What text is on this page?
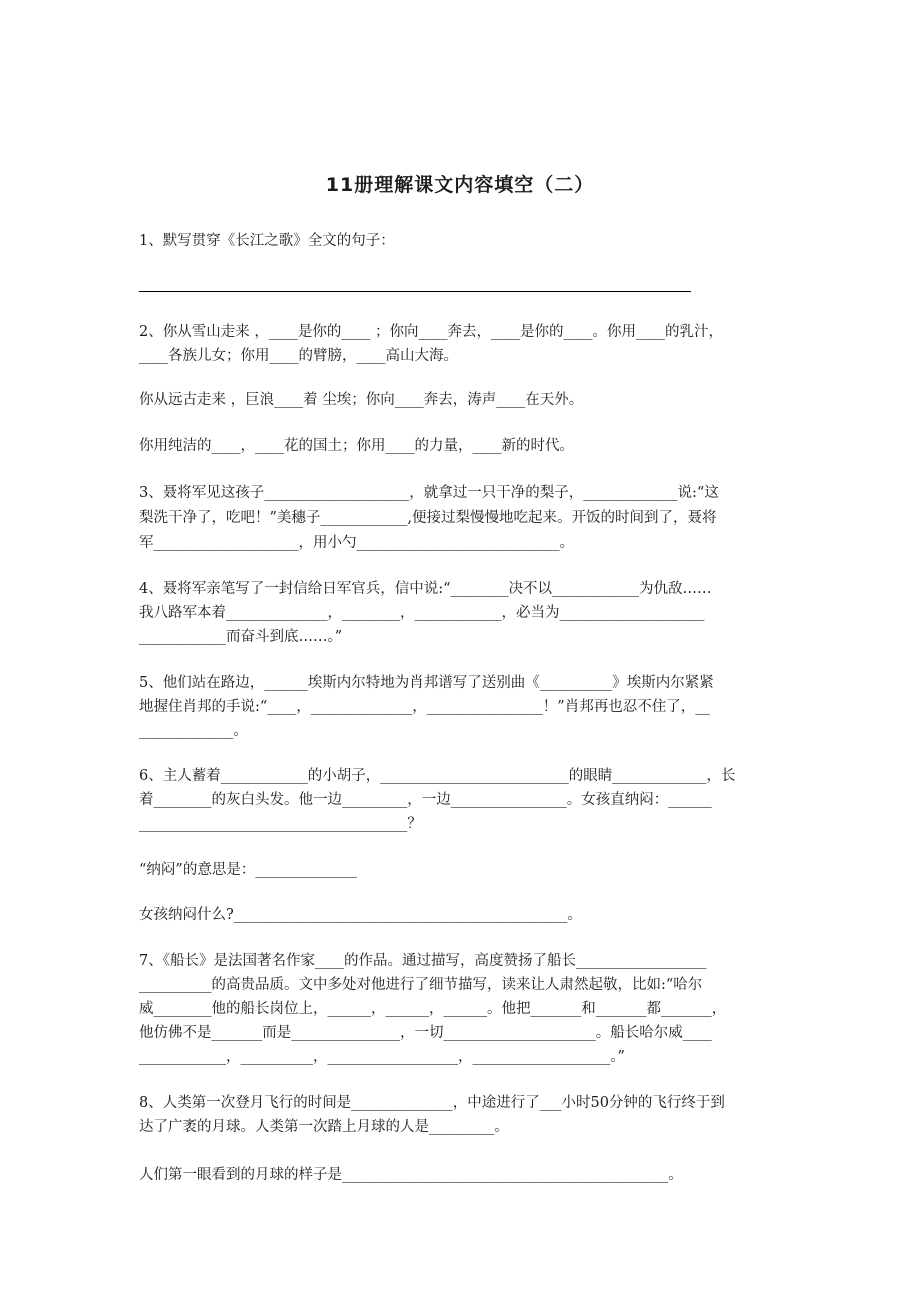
11册理解课文内容填空（二）
1、默写贯穿《长江之歌》全文的句子：
2、你从雪山走来 ，____是你的____ ；你向____奔去，____是你的____。你用____的乳汁，
____各族儿女；你用____的臂膀，____高山大海。
你从远古走来 ，巨浪____着 尘埃；你向____奔去，涛声____在天外。
你用纯洁的____，____花的国土；你用____的力量，____新的时代。
3、聂将军见这孩子____________________，就拿过一只干净的梨子，_____________说:“这
梨洗干净了，吃吧！”美穗子____________,便接过梨慢慢地吃起来。开饭的时间到了，聂将
军____________________，用小勺____________________________。
4、聂将军亲笔写了一封信给日军官兵，信中说:“________决不以____________为仇敌……
我八路军本着______________，________，____________，必当为____________________
____________而奋斗到底……。”
5、他们站在路边，______埃斯内尔特地为肖邦谱写了送别曲《__________》埃斯内尔紧紧
地握住肖邦的手说:“____，______________，________________！”肖邦再也忍不住了，__
_____________。
6、主人蓄着____________的小胡子，__________________________的眼睛_____________，长
着________的灰白头发。他一边_________，一边________________。女孩直纳闷：______
_____________________________________？
“纳闷”的意思是：______________
女孩纳闷什么?______________________________________________。
7、《船长》是法国著名作家____的作品。通过描写，高度赞扬了船长__________________
__________的高贵品质。文中多处对他进行了细节描写，读来让人肃然起敬，比如:“哈尔
威________他的船长岗位上，______，______，______。他把_______和_______都_______，
他仿佛不是_______而是_______________，一切_____________________。船长哈尔威____
____________，__________，__________________，___________________。”
8、人类第一次登月飞行的时间是______________，中途进行了___小时50分钟的飞行终于到
达了广袤的月球。人类第一次踏上月球的人是_________。
人们第一眼看到的月球的样子是_____________________________________________。
